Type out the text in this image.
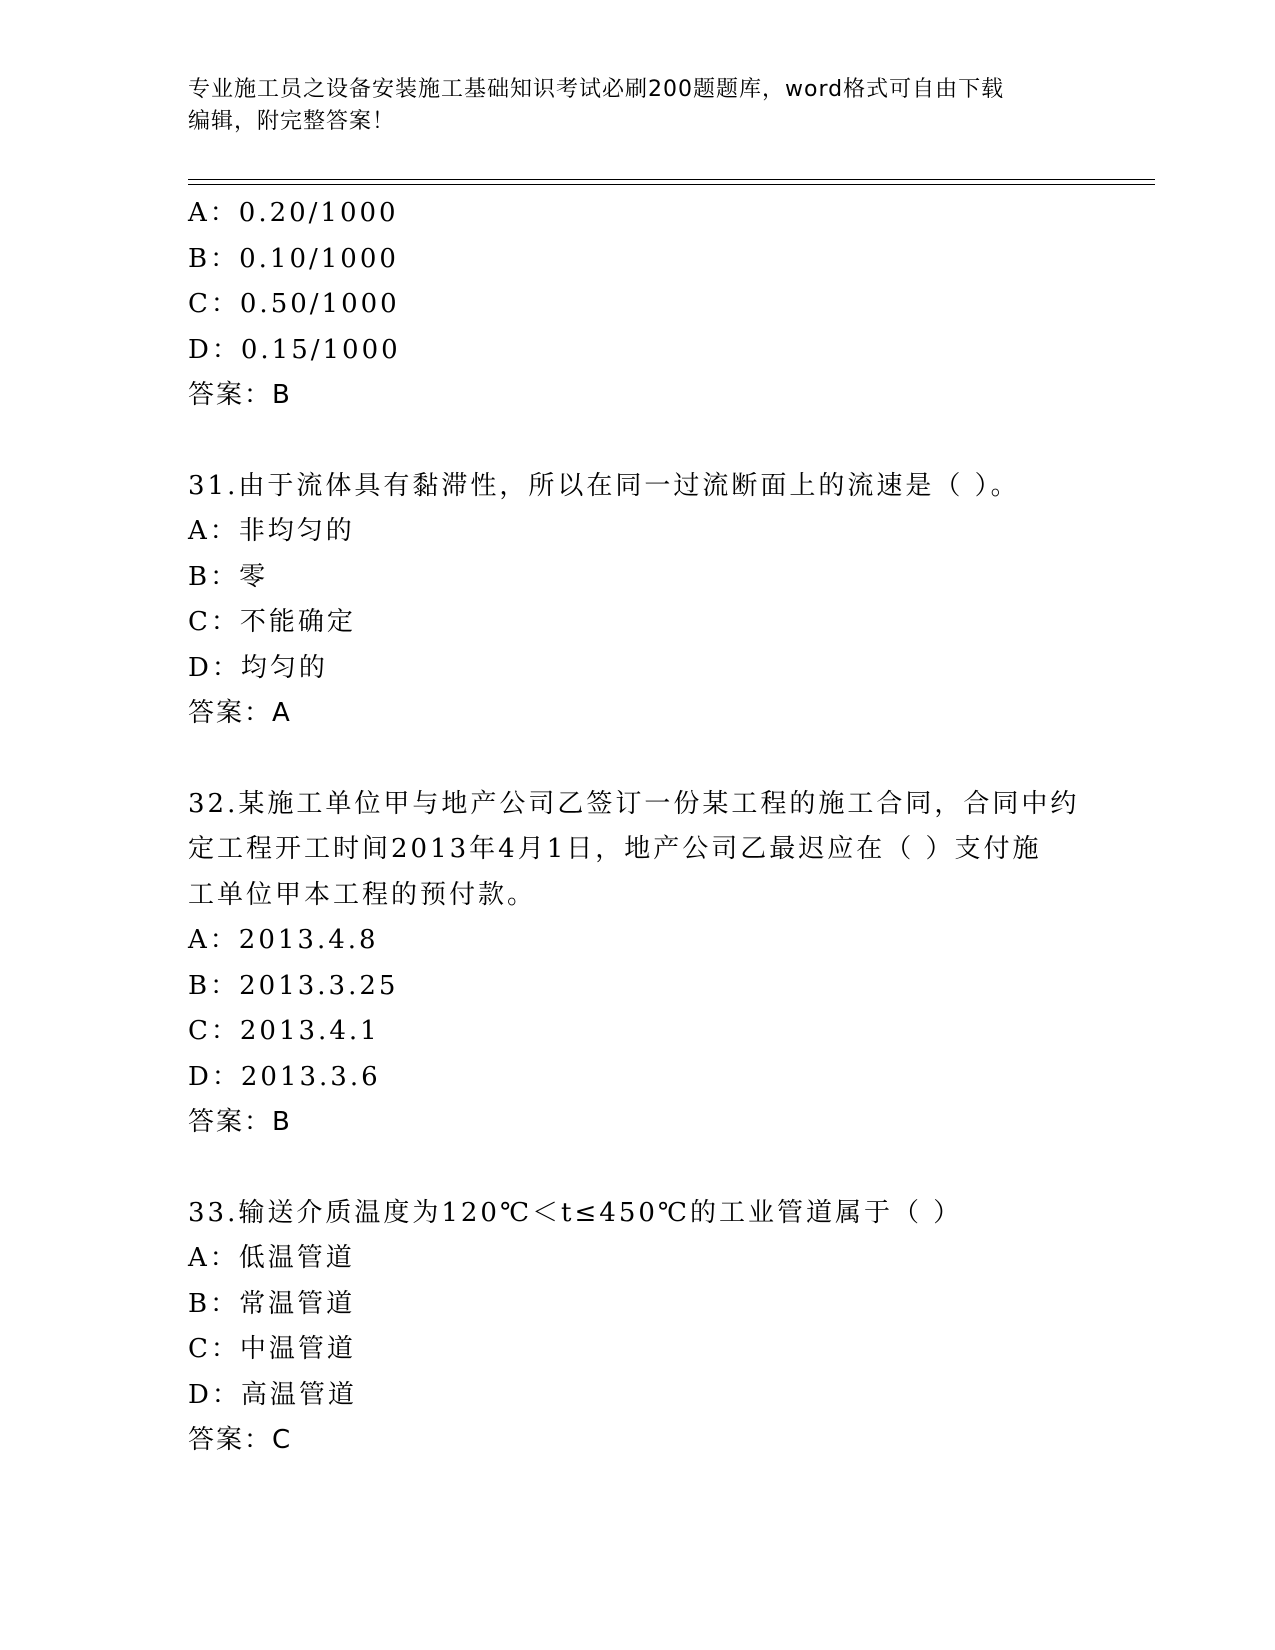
专业施工员之设备安装施工基础知识考试必刷200题题库，word格式可自由下载
编辑，附完整答案！
A：0.20/1000
B：0.10/1000
C：0.50/1000
D：0.15/1000
答案：B
31.由于流体具有黏滞性，所以在同一过流断面上的流速是（ ）。
A：非均匀的
B：零
C：不能确定
D：均匀的
答案：A
32.某施工单位甲与地产公司乙签订一份某工程的施工合同，合同中约
定工程开工时间2013年4月1日，地产公司乙最迟应在（ ）支付施
工单位甲本工程的预付款。
A：2013.4.8
B：2013.3.25
C：2013.4.1
D：2013.3.6
答案：B
33.输送介质温度为120℃＜t≤450℃的工业管道属于（ ）
A：低温管道
B：常温管道
C：中温管道
D：高温管道
答案：C
